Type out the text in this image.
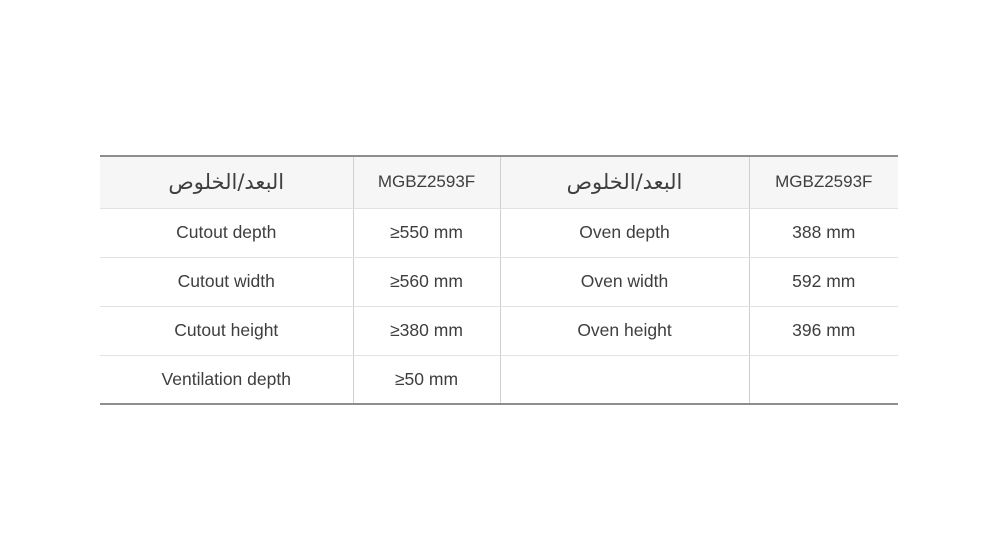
البعد/الخلوص	MGBZ2593F	البعد/الخلوص	MGBZ2593F
Cutout depth	≥550 mm	Oven depth	388 mm
Cutout width	≥560 mm	Oven width	592 mm
Cutout height	≥380 mm	Oven height	396 mm
Ventilation depth	≥50 mm		
